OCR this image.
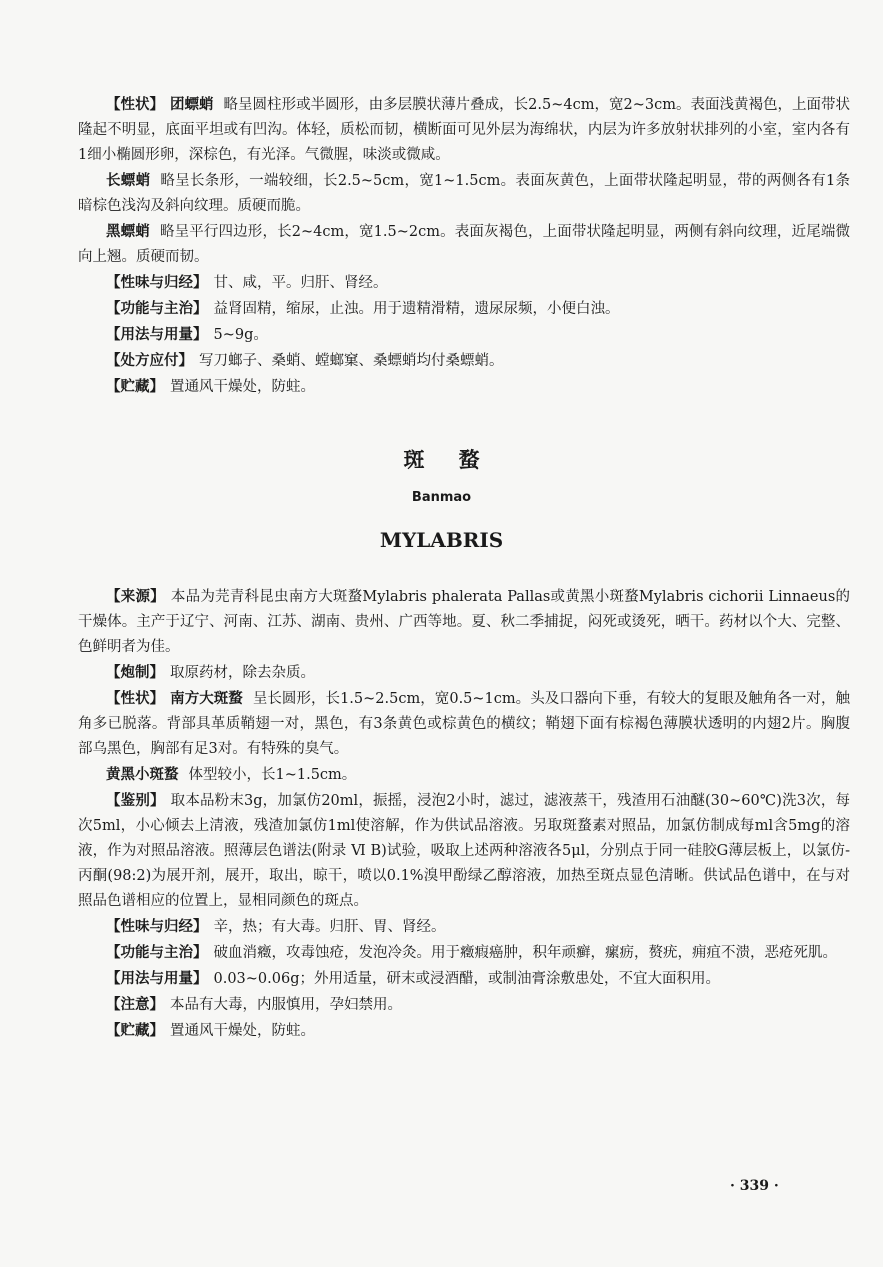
【性状】 团螵蛸 略呈圆柱形或半圆形，由多层膜状薄片叠成，长2.5~4cm，宽2~3cm。表面浅黄褐色，上面带状隆起不明显，底面平坦或有凹沟。体轻，质松而韧，横断面可见外层为海绵状，内层为许多放射状排列的小室，室内各有1细小椭圆形卵，深棕色，有光泽。气微腥，味淡或微咸。

长螵蛸 略呈长条形，一端较细，长2.5~5cm，宽1~1.5cm。表面灰黄色，上面带状隆起明显，带的两侧各有1条暗棕色浅沟及斜向纹理。质硬而脆。

黑螵蛸 略呈平行四边形，长2~4cm，宽1.5~2cm。表面灰褐色，上面带状隆起明显，两侧有斜向纹理，近尾端微向上翘。质硬而韧。

【性味与归经】 甘、咸，平。归肝、肾经。

【功能与主治】 益肾固精，缩尿，止浊。用于遗精滑精，遗尿尿频，小便白浊。

【用法与用量】 5~9g。

【处方应付】 写刀螂子、桑蛸、螳螂窠、桑螵蛸均付桑螵蛸。

【贮藏】 置通风干燥处，防蛀。

斑蝥
Banmao
MYLABRIS

【来源】 本品为芫青科昆虫南方大斑蝥Mylabris phalerata Pallas或黄黑小斑蝥Mylabris cichorii Linnaeus的干燥体。主产于辽宁、河南、江苏、湖南、贵州、广西等地。夏、秋二季捕捉，闷死或烫死，晒干。药材以个大、完整、色鲜明者为佳。

【炮制】 取原药材，除去杂质。

【性状】 南方大斑蝥 呈长圆形，长1.5~2.5cm，宽0.5~1cm。头及口器向下垂，有较大的复眼及触角各一对，触角多已脱落。背部具革质鞘翅一对，黑色，有3条黄色或棕黄色的横纹；鞘翅下面有棕褐色薄膜状透明的内翅2片。胸腹部乌黑色，胸部有足3对。有特殊的臭气。

黄黑小斑蝥 体型较小，长1~1.5cm。

【鉴别】 取本品粉末3g，加氯仿20ml，振摇，浸泡2小时，滤过，滤液蒸干，残渣用石油醚(30~60℃)洗3次，每次5ml，小心倾去上清液，残渣加氯仿1ml使溶解，作为供试品溶液。另取斑蝥素对照品，加氯仿制成每ml含5mg的溶液，作为对照品溶液。照薄层色谱法(附录 Ⅵ B)试验，吸取上述两种溶液各5μl，分别点于同一硅胶G薄层板上，以氯仿-丙酮(98:2)为展开剂，展开，取出，晾干，喷以0.1%溴甲酚绿乙醇溶液，加热至斑点显色清晰。供试品色谱中，在与对照品色谱相应的位置上，显相同颜色的斑点。

【性味与归经】 辛，热；有大毒。归肝、胃、肾经。

【功能与主治】 破血消癥，攻毒蚀疮，发泡冷灸。用于癥瘕癌肿，积年顽癣，瘰疬，赘疣，痈疽不溃，恶疮死肌。

【用法与用量】 0.03~0.06g；外用适量，研末或浸酒醋，或制油膏涂敷患处，不宜大面积用。

【注意】 本品有大毒，内服慎用，孕妇禁用。

【贮藏】 置通风干燥处，防蛀。

· 339 ·
